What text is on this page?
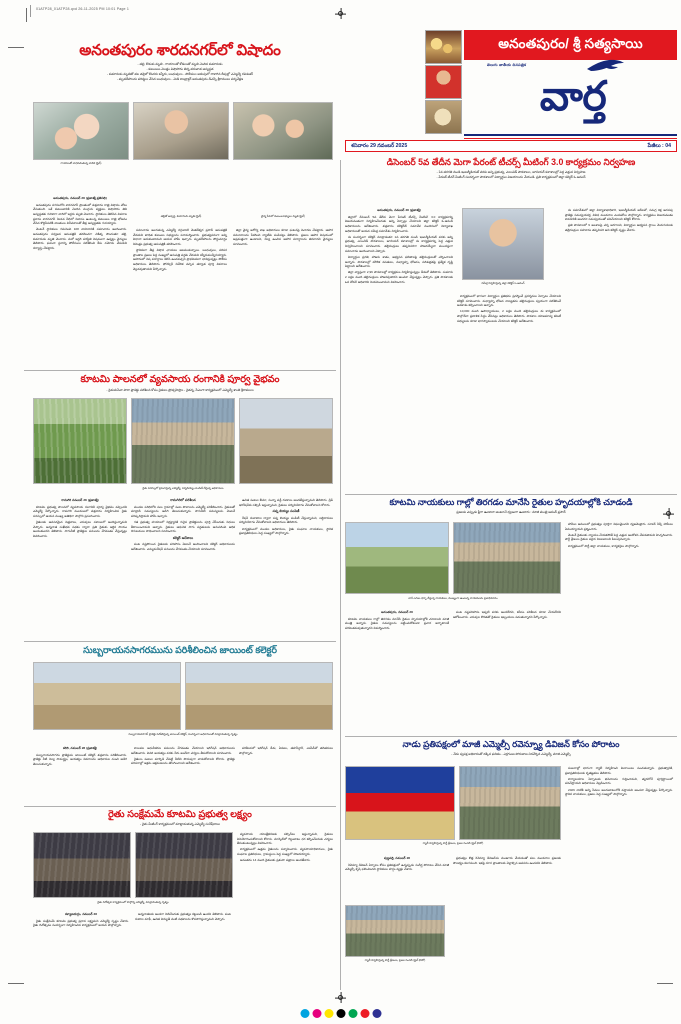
01ATP28_01ATP28.qxd 26-11-2025 PM 10:01 Page 1
అనంతపురం/ శ్రీ సత్యసాయి
తెలుగు జాతీయ దినపత్రిక
వార్త
శనివారం 29 నవంబర్ 2025	పేజీలు : 04
అనంతపురం శారదనగర్‌లో విషాదం
- తల్లి, కొడుకు మృతి - గాయాలతో కోడలుతో మృతి చెందిన కుమారుడు
- కుటుంబం మొత్తం విషాహారం తిన్న తరువాత అస్వస్థత
- కుమారుడు మృతితో తల తల్లిలో కొందరు కన్నీరు, బంధువులు - పోలీసుల అదుపులో రాకాగిన దీపుల్లో ఎమ్మెల్యే రవిశంకర్
- మృతదేహాలను పరిశ్మలు చేసిన బంధువులు - మెడి కాంట్రాక్టర్ అనంతపురం డీఎస్పీ శ్రీరాములు పర్యవేక్షణ
గాయాలతో బాధపడుతున్న బాలిక (ఫైల్)
తల్లితో అస్వస్థ, కుమారుడు మృతి (ఫైల్)	వైద్య సేవలో కుటుంబసభ్యులు మృతి (ఫైల్)
అనంతపురం, నవంబర్ 28 (ప్రజాశక్తి ప్రతినిధి)

అనంతపురం నగరంలోని శారదనగర్ ప్రాంతంలో శుక్రవారం రాత్రి విషాదం చోటు చేసుకుంది. ఒకే కుటుంబానికి చెందిన ముగ్గురు వ్యక్తులు విషాహారం తిని అస్వస్థతకు గురికాగా వారిలో ఇద్దరు మృతి చెందారు. స్థానికులు తెలిపిన వివరాల ప్రకారం శారదనగర్ రెండవ వీధిలో నివాసం ఉంటున్న కుటుంబం రాత్రి భోజనం చేసిన కొద్దిసేపటికి వాంతులు విరేచనాలతో తీవ్ర అస్వస్థతకు గురయ్యారు.

వెంటనే స్థానికులు గమనించి 108 వాహనానికి సమాచారం అందించారు. అనంతపురం సర్వజన ఆసుపత్రికి తరలించగా చికిత్స పొందుతూ తల్లి, కుమారుడు మృతి చెందారు. మరో ఇద్దరి పరిస్థితి విషమంగా ఉన్నట్లు వైద్యులు తెలిపారు. ఘటనా స్థలాన్ని పోలీసులు పరిశీలించి కేసు నమోదు చేసుకుని దర్యాప్తు చేపట్టారు.

సమాచారం అందుకున్న ఎమ్మెల్యే దగ్గుబాటి వెంకటేశ్వర ప్రసాద్ ఆసుపత్రికి చేరుకుని బాధిత కుటుంబ సభ్యులను పరామర్శించారు. ప్రభుత్వపరంగా అన్ని విధాలా ఆదుకుంటామని ఆయన హామీ ఇచ్చారు. మృతదేహాలను పోస్టుమార్టం నిమిత్తం ప్రభుత్వ ఆసుపత్రికి తరలించారు.

స్థానికంగా తీవ్ర విషాద ఛాయలు అలముకున్నాయి. బంధువులు, పరిసర ప్రాంతాల ప్రజలు పెద్ద సంఖ్యలో ఆసుపత్రి వద్దకు చేరుకుని కన్నీరుమున్నీరయ్యారు. ఆహారంలో విష పదార్థాలు కలిసి ఉండవచ్చని ప్రాథమికంగా భావిస్తున్నట్లు పోలీసు అధికారులు తెలిపారు. ఫోరెన్సిక్ నివేదిక వచ్చిన తర్వాత పూర్తి వివరాలు వెల్లడవుతాయని పేర్కొన్నారు.

జిల్లా వైద్య ఆరోగ్య శాఖ అధికారులు కూడా ఘటనపై విచారణ చేపట్టారు. ఆహార నమూనాలను సేకరించి ల్యాబ్‌కు పంపినట్లు తెలిపారు. ప్రజలు ఆహార విషయంలో అప్రమత్తంగా ఉండాలని, నిల్వ ఉంచిన ఆహార పదార్థాలను తినరాదని వైద్యులు సూచించారు.

కూటమి పాలనలో వ్యవసాయ రంగానికి పూర్వ వైభవం
- రైతునుసేవా పారా ప్రాజెక్టు పరిశీలన కోసం రైతులు ప్రోత్సహిస్తాం - రైతన్న, సీఎంగా కార్యక్రమంలో ఎమ్మెల్యే శాంతి శ్రీరాములు
రైతు సదస్సులో ప్రసంగిస్తున్న ఎమ్మెల్యే, సన్నబియ్యం పంపిణీ చేస్తున్న అధికారులు
రామగిరి నవంబర్ 28 (ప్రజాశక్తి)

కూటమి ప్రభుత్వ పాలనలో వ్యవసాయ రంగానికి పూర్వ వైభవం వచ్చిందని ఎమ్మెల్యే పేర్కొన్నారు. రామగిరి మండలంలో శుక్రవారం నిర్వహించిన రైతు సదస్సులో ఆయన ముఖ్య అతిథిగా పాల్గొని ప్రసంగించారు.

రైతులకు అవసరమైన విత్తనాలు, ఎరువులు సకాలంలో అందిస్తున్నామని చెప్పారు. అన్నదాత సుఖీభవ పథకం ద్వారా ప్రతి రైతుకు ఆర్థిక సాయం అందుతుందని తెలిపారు. సాగునీటి ప్రాజెక్టుల పనులను వేగవంతం చేస్తున్నట్లు వివరించారు.

రామగిరిలో పరిశీలన

మండల పరిధిలోని పలు గ్రామాల్లో పంట పొలాలను ఎమ్మెల్యే పరిశీలించారు. రైతులతో మాట్లాడి సమస్యలను అడిగి తెలుసుకున్నారు. సాగునీటి సమస్యలను వెంటనే పరిష్కరిస్తామని హామీ ఇచ్చారు.

గత ప్రభుత్వ హయాంలో నిర్లక్ష్యానికి గురైన ప్రాజెక్టులను పూర్తి చేసేందుకు నిధులు కేటాయించామని అన్నారు. రైతులు ఆధునిక సాగు పద్ధతులను అనుసరించి అధిక దిగుబడులు సాధించాలని సూచించారు.

కలెక్టర్ ఆదేశాలు

పంట నష్టపోయిన రైతులకు పరిహారం వెంటనే అందించాలని కలెక్టర్ అధికారులను ఆదేశించారు. ఎన్యుమరేషన్ పనులను వేగవంతం చేయాలని సూచించారు.

ఉచిత పంటల బీమా, సున్నా వడ్డీ రుణాలు అందజేస్తున్నామని తెలిపారు. డ్రిప్ ఇరిగేషన్‌కు సబ్సిడీ ఇస్తున్నామని, రైతులు సద్వినియోగం చేసుకోవాలని కోరారు.

సన్న బియ్యం పంపిణీ

రేషన్ దుకాణాల ద్వారా సన్న బియ్యం పంపిణీ చేస్తున్నామని, లబ్ధిదారులు సద్వినియోగం చేసుకోవాలని అధికారులు తెలిపారు.

కార్యక్రమంలో మండల అధికారులు, రైతు సంఘాల నాయకులు, స్థానిక ప్రజాప్రతినిధులు పెద్ద సంఖ్యలో పాల్గొన్నారు.

సుబ్బరాయనసాగరమును పరిశీలించిన జాయింట్ కలెక్టర్
సుబ్బరాయనసాగర్ ప్రాజెక్టు పరిశీలిస్తున్న జాయింట్ కలెక్టర్, సందర్భంగా అధికారులతో మాట్లాడుతున్న దృశ్యం
కదిరి, నవంబర్ 28 (ప్రజాశక్తి)

సుబ్బరాయనసాగరం ప్రాజెక్టును జాయింట్ కలెక్టర్ శుక్రవారం పరిశీలించారు. ప్రాజెక్టు నీటి నిల్వ సామర్థ్యం, ఆయకట్టు వివరాలను అధికారుల నుంచి అడిగి తెలుసుకున్నారు.

కాలువల ఆధునీకరణ పనులను వేగవంతం చేయాలని ఇరిగేషన్ అధికారులను ఆదేశించారు. చివరి ఆయకట్టు వరకు నీరు అందేలా చర్యలు తీసుకోవాలని సూచించారు.

రైతులు పంటల మార్పిడి చేపట్టి నీటిని పొదుపుగా వాడుకోవాలని కోరారు. ప్రాజెక్టు పరిసరాల్లో అక్రమ ఆక్రమణలను తొలగించాలని ఆదేశించారు.

పరిశీలనలో ఇరిగేషన్ డీఈ, ఏఈలు, తహసీల్దార్, ఎంపీడీవో తదితరులు పాల్గొన్నారు.

రైతు సంక్షేమమే కూటమి ప్రభుత్వ లక్ష్యం
- రైతు మీటింగ్ కార్యక్రమంలో మాట్లాడుతున్న ఎమ్మెల్యే సురేష్‌బాబు
రైతు దినోత్సవ కార్యక్రమంలో పాల్గొన్న ఎమ్మెల్యే, మాట్లాడుతున్న దృశ్యం

వ్యవసాయ యాంత్రీకరణకు సబ్సిడీలు ఇస్తున్నామని, రైతులు వినియోగించుకోవాలని కోరారు. మార్కెట్‌లో గిట్టుబాటు ధర కల్పించేందుకు చర్యలు తీసుకుంటున్నట్లు వివరించారు.

కార్యక్రమంలో ఉత్తమ రైతులను సన్మానించారు. వ్యవసాయాధికారులు, రైతు సంఘాల ప్రతినిధులు, గ్రామస్థులు పెద్ద సంఖ్యలో హాజరయ్యారు.

అనంతరం 14 మంది రైతులకు ప్రశంసా పత్రాలు అందజేశారు.

కళ్యాణదుర్గం, నవంబర్ 28

రైతు సంక్షేమమే కూటమి ప్రభుత్వ ప్రధాన లక్ష్యమని ఎమ్మెల్యే స్పష్టం చేశారు. రైతు దినోత్సవం సందర్భంగా నిర్వహించిన కార్యక్రమంలో ఆయన పాల్గొన్నారు.

అన్నదాతలకు అండగా నిలిచేందుకు ప్రభుత్వం కట్టుబడి ఉందని తెలిపారు. పంట రుణాల మాఫీ, ఉచిత విద్యుత్ వంటి పథకాలను కొనసాగిస్తున్నామని చెప్పారు.

డిసెంబర్ 5వ తేదీన మెగా పేరంట్ టీచర్స్ మీటింగ్ 3.0 కార్యక్రమం నిర్వహణ
- 1వ తరగతి నుండి ఇంటర్మీడియట్ వరకు అన్ని ప్రభుత్వ, ఎయిడెడ్ పాఠశాలల, జూనియర్ కళాశాలల్లో పెద్ద ఎత్తున నిర్వహణ
- పేరంట్ టీచర్ మీటింగ్ సందర్భంగా పాఠశాలలో విద్యార్థుల విజయాలను చేయండి. ప్రతి కార్యక్రమంలో జిల్లా కలెక్టర్ ఓ.ఆనంద్
సమీక్ష నిర్వహిస్తున్న జిల్లా కలెక్టర్ ఓ.ఆనంద్
అనంతపురం, నవంబర్ 28 (ప్రజాశక్తి)

జిల్లాలో డిసెంబర్ 5వ తేదీన మెగా పేరంట్ టీచర్స్ మీటింగ్ 3.0 కార్యక్రమాన్ని విజయవంతంగా నిర్వహించేందుకు అన్ని ఏర్పాట్లు చేయాలని జిల్లా కలెక్టర్ ఓ.ఆనంద్ అధికారులను ఆదేశించారు. శుక్రవారం కలెక్టరేట్ సమావేశ మందిరంలో విద్యాశాఖ అధికారులతో ఆయన సమీక్ష సమావేశం నిర్వహించారు.

ఈ సందర్భంగా కలెక్టర్ మాట్లాడుతూ 1వ తరగతి నుండి ఇంటర్మీడియట్ వరకు అన్ని ప్రభుత్వ, ఎయిడెడ్ పాఠశాలలు, జూనియర్ కళాశాలల్లో ఈ కార్యక్రమాన్ని పెద్ద ఎత్తున నిర్వహించాలని సూచించారు. తల్లిదండ్రులు తప్పనిసరిగా హాజరయ్యేలా ముందస్తుగా సమాచారం అందించాలని చెప్పారు.

విద్యార్థుల ప్రగతి, హాజరు శాతం, అభ్యసన ఫలితాలపై తల్లిదండ్రులతో చర్చించాలని అన్నారు. పాఠశాలల్లో మౌలిక వసతులు, మధ్యాహ్న భోజనం, పరిశుభ్రతపై ప్రత్యేక దృష్టి పెట్టాలని ఆదేశించారు.

జిల్లా వ్యాప్తంగా 2,96 పాఠశాలల్లో కార్యక్రమం నిర్వహిస్తున్నట్లు డీఈవో తెలిపారు. సుమారు 2 లక్షల మంది తల్లిదండ్రులు హాజరవుతారని అంచనా వేస్తున్నట్లు చెప్పారు. ప్రతి పాఠశాలకు ఒక నోడల్ అధికారిని నియమించామని వివరించారు.

కార్యక్రమంలో భాగంగా విద్యార్థుల ప్రతిభను ప్రదర్శించే ప్రదర్శనలు ఏర్పాటు చేయాలని కలెక్టర్ సూచించారు. మధ్యాహ్న భోజన నాణ్యతను తల్లిదండ్రులు స్వయంగా పరిశీలించే అవకాశం కల్పించాలని అన్నారు.

10,000 మంది ఉపాధ్యాయులు, 2 లక్షల మంది తల్లిదండ్రులు ఈ కార్యక్రమంలో పాల్గొనేలా ప్రణాళిక సిద్ధం చేసినట్లు అధికారులు తెలిపారు. పాఠశాల యాజమాన్య కమిటీ సభ్యులను కూడా భాగస్వాములను చేయాలని కలెక్టర్ ఆదేశించారు.

ఈ సమావేశంలో జిల్లా విద్యాశాఖాధికారి, ఇంటర్మీడియట్ ఆర్ఐవో, సమగ్ర శిక్ష అదనపు ప్రాజెక్టు సమన్వయకర్త, వివిధ మండలాల ఎంఈవోలు పాల్గొన్నారు. కార్యక్రమం విజయవంతం కావడానికి అందరూ సమన్వయంతో పనిచేయాలని కలెక్టర్ కోరారు.

ప్రతి పాఠశాలలో 9 అంశాలపై చర్చ జరగాలని, విద్యార్థుల అభ్యసన స్థాయి మెరుగుదలకు తల్లిదండ్రుల సహకారం తప్పనిసరి అని కలెక్టర్ స్పష్టం చేశారు.

కూటమి నాయకులు గాల్లో తిరగడం మానేసి రైతుల హృదయాల్లోకి చూడండి
ప్రజలకు ఎప్పుడు ఫ్రీగా ఉండాలా అంటూనే ధ్వజంగా ఉంటారు : మాజీ మంత్రి ఆనంద్ ప్రసాద్
లారీ ఎదుట ధర్నా చేస్తున్న నాయకులు, ముఖ్యంగా ఉంటున్న నాయకులను ప్రజాభిమానం

హామీల అమలులో ప్రభుత్వం పూర్తిగా విఫలమైందని ధ్వజమెత్తారు. సూపర్ సిక్స్ హామీలు ఏమయ్యాయని ప్రశ్నించారు.

వెంటనే రైతులకు న్యాయం చేయకపోతే పెద్ద ఎత్తున ఆందోళన చేపడతామని హెచ్చరించారు. పార్టీ శ్రేణులు రైతుల పక్షాన నిలబడాలని పిలుపునిచ్చారు.

కార్యక్రమంలో పార్టీ జిల్లా నాయకులు, కార్యకర్తలు పాల్గొన్నారు.

అనంతపురం, నవంబర్ 28

కూటమి నాయకులు గాల్లో తిరగడం మానేసి రైతుల హృదయాల్లోకి చూడాలని మాజీ మంత్రి అన్నారు. రైతుల సమస్యలను పట్టించుకోకుండా ప్రచార ఆర్భాటాలకే పరిమితమవుతున్నారని విమర్శించారు.

పంట నష్టపరిహారం ఇప్పటి వరకు అందలేదని, కనీసం పరిశీలన కూడా చేయలేదని ఆరోపించారు. ఎరువుల కొరతతో రైతులు ఇబ్బందులు పడుతున్నారని పేర్కొన్నారు.

నాడు ప్రతిపక్షంలో మాజీ ఎమ్మెల్సీ రవెన్న్యూ డివిజన్ కోసం పోరాటం
- నేడు స్వపక్ష అధికారంతో దక్కిన ఫలితం - ఎర్రగుంట పోరుబాట నిరవేర్చిన ఎమ్మెల్యే, మాజీ ఎమ్మెల్సీ
ర్యాలీ నిర్వహిస్తున్న పార్టీ శ్రేణులు, ప్రజల సందడి (ఫైల్ ఫోటో)

సంబరాల్లో భాగంగా ర్యాలీ నిర్వహించి మిఠాయిలు పంచుకున్నారు. ప్రభుత్వానికి, ప్రజాప్రతినిధులకు కృతజ్ఞతలు తెలిపారు.

కార్యాలయాల ఏర్పాటుకు భవనాలను గుర్తించామని, త్వరలోనే పూర్తిస్థాయిలో పనిచేస్తాయని అధికారులు వెల్లడించారు.

2026 నాటికి అన్ని సేవలు అందుబాటులోకి వస్తాయని అంచనా వేస్తున్నట్లు పేర్కొన్నారు. స్థానిక నాయకులు, ప్రజలు పెద్ద సంఖ్యలో పాల్గొన్నారు.

పుట్టపర్తి, నవంబర్ 28

రెవెన్యూ డివిజన్ ఏర్పాటు కోసం ప్రతిపక్షంలో ఉన్నప్పుడు సుదీర్ఘ పోరాటం చేసిన మాజీ ఎమ్మెల్సీ కృషి ఫలించిందని స్థానికులు హర్షం వ్యక్తం చేశారు.

ప్రభుత్వం కొత్త రెవెన్యూ డివిజన్‌ను మంజూరు చేయడంతో పలు మండలాల ప్రజలకు సౌలభ్యం కలగనుంది. ఇకపై దూర ప్రాంతాలకు వెళ్లాల్సిన అవసరం ఉండదని తెలిపారు.

ర్యాలీ నిర్వహిస్తున్న పార్టీ శ్రేణులు, ప్రజల సందడి (ఫైల్ ఫోటో)
